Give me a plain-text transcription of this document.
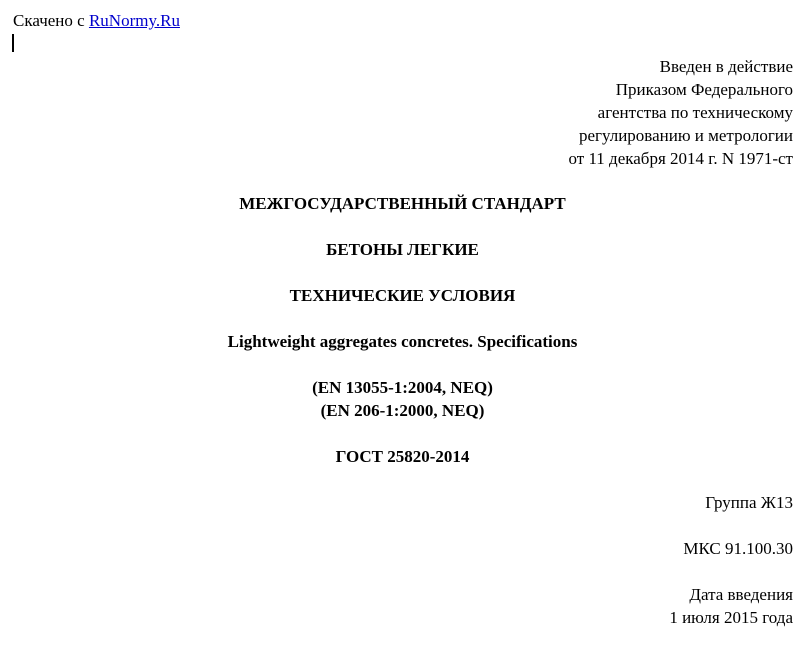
Скачено с RuNormy.Ru
Введен в действие
Приказом Федерального
агентства по техническому
регулированию и метрологии
от 11 декабря 2014 г. N 1971-ст
МЕЖГОСУДАРСТВЕННЫЙ СТАНДАРТ
БЕТОНЫ ЛЕГКИЕ
ТЕХНИЧЕСКИЕ УСЛОВИЯ
Lightweight aggregates concretes. Specifications
(EN 13055-1:2004, NEQ)
(EN 206-1:2000, NEQ)
ГОСТ 25820-2014
Группа Ж13
МКС 91.100.30
Дата введения
1 июля 2015 года
